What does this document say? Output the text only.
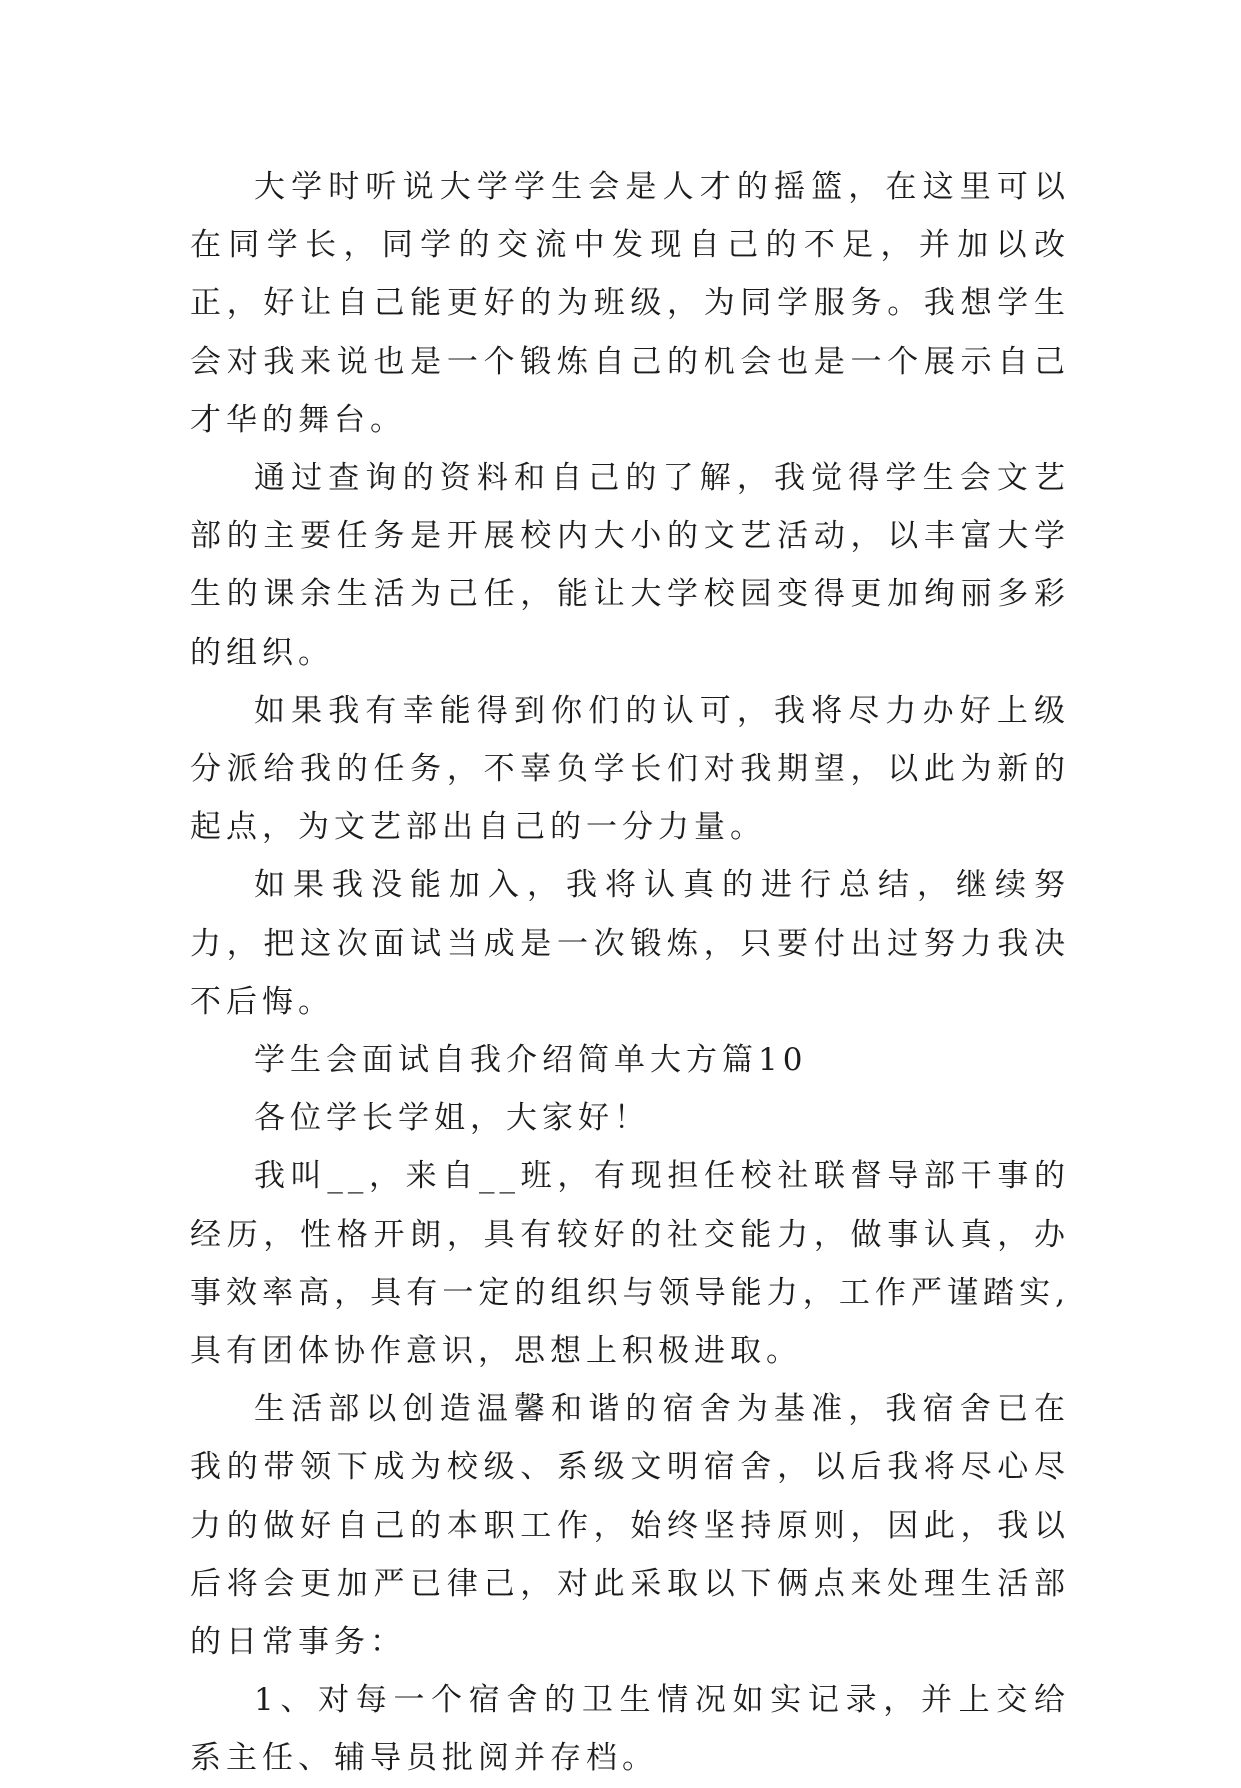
大学时听说大学学生会是人才的摇篮，在这里可以在同学长，同学的交流中发现自己的不足，并加以改正，好让自己能更好的为班级，为同学服务。我想学生会对我来说也是一个锻炼自己的机会也是一个展示自己才华的舞台。

通过查询的资料和自己的了解，我觉得学生会文艺部的主要任务是开展校内大小的文艺活动，以丰富大学生的课余生活为己任，能让大学校园变得更加绚丽多彩的组织。

如果我有幸能得到你们的认可，我将尽力办好上级分派给我的任务，不辜负学长们对我期望，以此为新的起点，为文艺部出自己的一分力量。

如果我没能加入，我将认真的进行总结，继续努力，把这次面试当成是一次锻炼，只要付出过努力我决不后悔。

学生会面试自我介绍简单大方篇10

各位学长学姐，大家好！

我叫__，来自__班，有现担任校社联督导部干事的经历，性格开朗，具有较好的社交能力，做事认真，办事效率高，具有一定的组织与领导能力，工作严谨踏实,具有团体协作意识，思想上积极进取。

生活部以创造温馨和谐的宿舍为基准，我宿舍已在我的带领下成为校级、系级文明宿舍，以后我将尽心尽力的做好自己的本职工作，始终坚持原则，因此，我以后将会更加严已律己，对此采取以下俩点来处理生活部的日常事务：

1、对每一个宿舍的卫生情况如实记录，并上交给系主任、辅导员批阅并存档。
